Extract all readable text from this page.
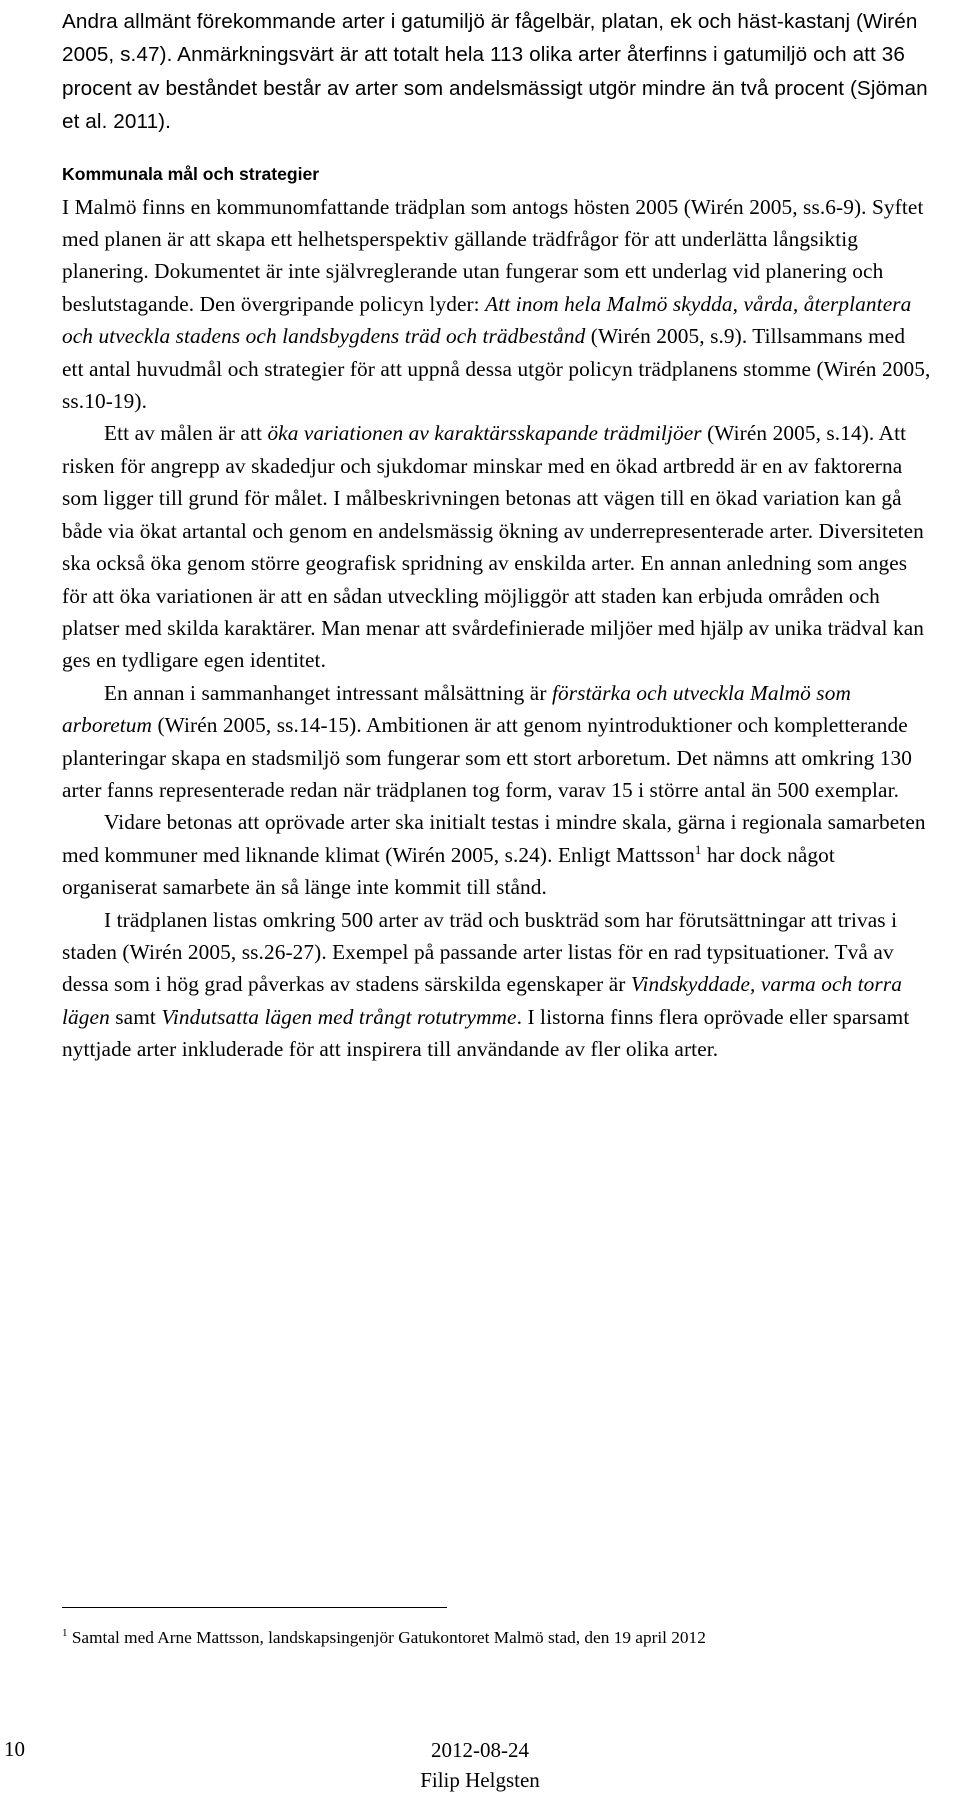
Andra allmänt förekommande arter i gatumiljö är fågelbär, platan, ek och häst-kastanj (Wirén 2005, s.47). Anmärkningsvärt är att totalt hela 113 olika arter återfinns i gatumiljö och att 36 procent av beståndet består av arter som andelsmässigt utgör mindre än två procent (Sjöman et al. 2011).

Kommunala mål och strategier

I Malmö finns en kommunomfattande trädplan som antogs hösten 2005 (Wirén 2005, ss.6-9). Syftet med planen är att skapa ett helhetsperspektiv gällande trädfrågor för att underlätta långsiktig planering. Dokumentet är inte självreglerande utan fungerar som ett underlag vid planering och beslutstagande. Den övergripande policyn lyder: Att inom hela Malmö skydda, vårda, återplantera och utveckla stadens och landsbygdens träd och trädbestånd (Wirén 2005, s.9). Tillsammans med ett antal huvudmål och strategier för att uppnå dessa utgör policyn trädplanens stomme (Wirén 2005, ss.10-19).

Ett av målen är att öka variationen av karaktärsskapande trädmiljöer (Wirén 2005, s.14). Att risken för angrepp av skadedjur och sjukdomar minskar med en ökad artbredd är en av faktorerna som ligger till grund för målet. I målbeskrivningen betonas att vägen till en ökad variation kan gå både via ökat artantal och genom en andelsmässig ökning av underrepresenterade arter. Diversiteten ska också öka genom större geografisk spridning av enskilda arter. En annan anledning som anges för att öka variationen är att en sådan utveckling möjliggör att staden kan erbjuda områden och platser med skilda karaktärer. Man menar att svårdefinierade miljöer med hjälp av unika trädval kan ges en tydligare egen identitet.

En annan i sammanhanget intressant målsättning är förstärka och utveckla Malmö som arboretum (Wirén 2005, ss.14-15). Ambitionen är att genom nyintroduktioner och kompletterande planteringar skapa en stadsmiljö som fungerar som ett stort arboretum. Det nämns att omkring 130 arter fanns representerade redan när trädplanen tog form, varav 15 i större antal än 500 exemplar.

Vidare betonas att oprövade arter ska initialt testas i mindre skala, gärna i regionala samarbeten med kommuner med liknande klimat (Wirén 2005, s.24). Enligt Mattsson$^1$ har dock något organiserat samarbete än så länge inte kommit till stånd.

I trädplanen listas omkring 500 arter av träd och buskträd som har förutsättningar att trivas i staden (Wirén 2005, ss.26-27). Exempel på passande arter listas för en rad typsituationer. Två av dessa som i hög grad påverkas av stadens särskilda egenskaper är Vindskyddade, varma och torra lägen samt Vindutsatta lägen med trångt rotutrymme. I listorna finns flera oprövade eller sparsamt nyttjade arter inkluderade för att inspirera till användande av fler olika arter.

$^1$ Samtal med Arne Mattsson, landskapsingenjör Gatukontoret Malmö stad, den 19 april 2012

10	2012-08-24
Filip Helgsten
